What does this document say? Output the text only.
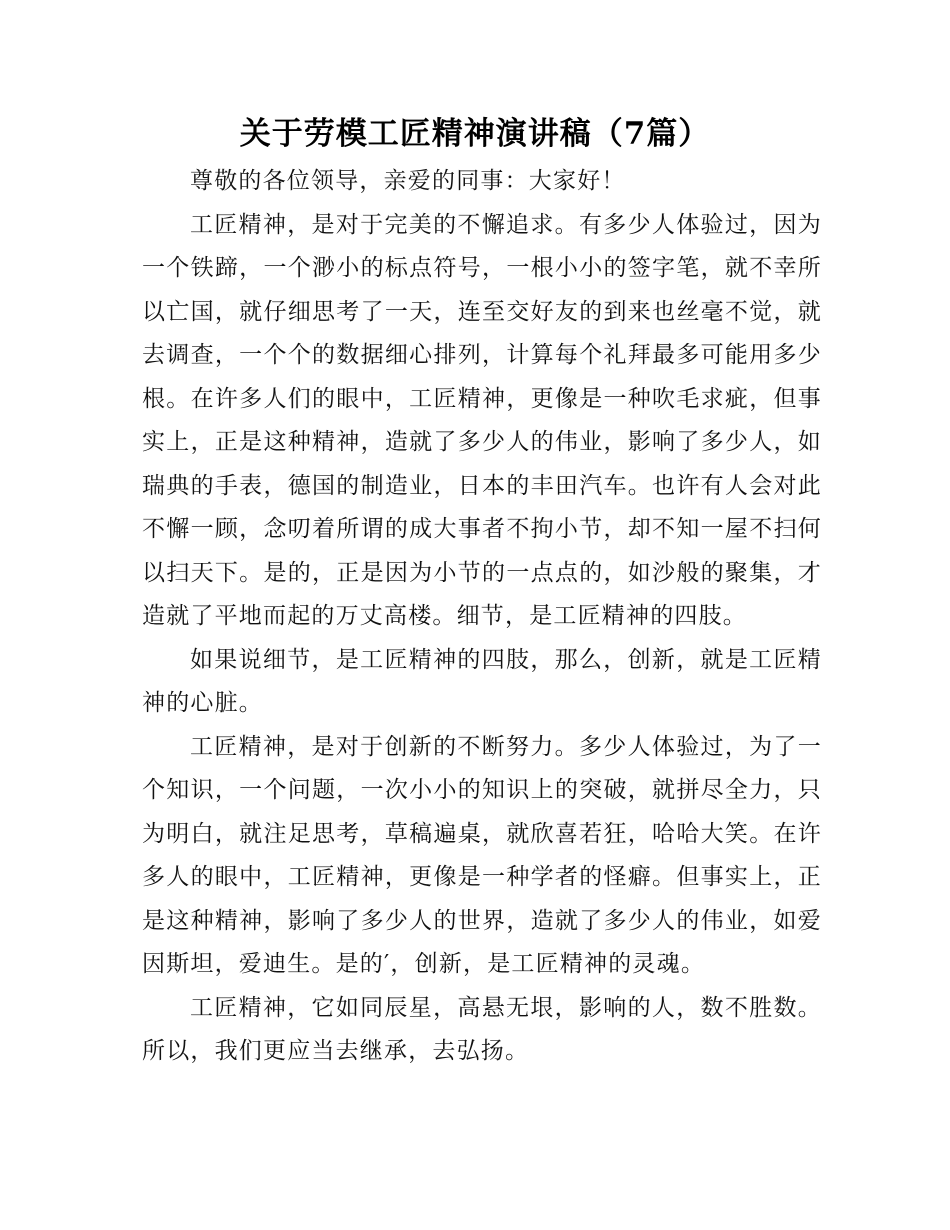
关于劳模工匠精神演讲稿（7篇）

尊敬的各位领导，亲爱的同事：大家好！

工匠精神，是对于完美的不懈追求。有多少人体验过，因为一个铁蹄，一个渺小的标点符号，一根小小的签字笔，就不幸所以亡国，就仔细思考了一天，连至交好友的到来也丝毫不觉，就去调查，一个个的数据细心排列，计算每个礼拜最多可能用多少根。在许多人们的眼中，工匠精神，更像是一种吹毛求疵，但事实上，正是这种精神，造就了多少人的伟业，影响了多少人，如瑞典的手表，德国的制造业，日本的丰田汽车。也许有人会对此不懈一顾，念叨着所谓的成大事者不拘小节，却不知一屋不扫何以扫天下。是的，正是因为小节的一点点的，如沙般的聚集，才造就了平地而起的万丈高楼。细节，是工匠精神的四肢。

如果说细节，是工匠精神的四肢，那么，创新，就是工匠精神的心脏。

工匠精神，是对于创新的不断努力。多少人体验过，为了一个知识，一个问题，一次小小的知识上的突破，就拼尽全力，只为明白，就注足思考，草稿遍桌，就欣喜若狂，哈哈大笑。在许多人的眼中，工匠精神，更像是一种学者的怪癖。但事实上，正是这种精神，影响了多少人的世界，造就了多少人的伟业，如爱因斯坦，爱迪生。是的′，创新，是工匠精神的灵魂。

工匠精神，它如同辰星，高悬无垠，影响的人，数不胜数。所以，我们更应当去继承，去弘扬。
